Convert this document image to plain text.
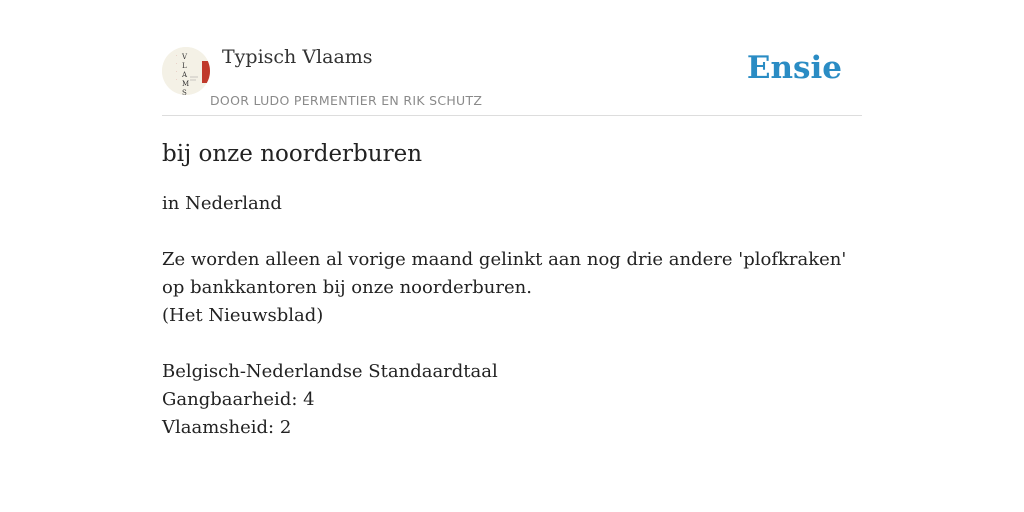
·
·
·
·
V
L
A
M
S
Typisch Vlaams
DOOR LUDO PERMENTIER EN RIK SCHUTZ
Ensie
bij onze noorderburen

in Nederland

Ze worden alleen al vorige maand gelinkt aan nog drie andere 'plofkraken' op bankkantoren bij onze noorderburen.
(Het Nieuwsblad)

Belgisch-Nederlandse Standaardtaal
Gangbaarheid: 4
Vlaamsheid: 2
